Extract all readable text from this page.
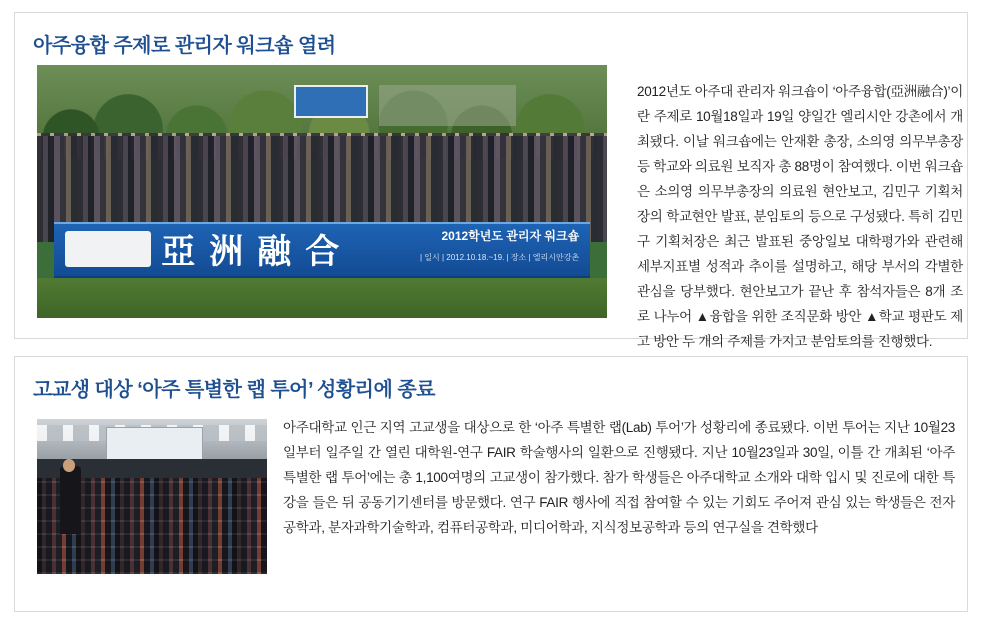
아주융합 주제로 관리자 워크숍 열려
亞洲融合	2012학년도 관리자 워크숍
| 일시 | 2012.10.18.~19. | 장소 | 엘리시안강촌
2012년도 아주대 관리자 워크숍이 ‘아주융합(亞洲融合)’이란 주제로 10월18일과 19일 양일간 엘리시안 강촌에서 개최됐다. 이날 워크숍에는 안재환 총장, 소의영 의무부총장 등 학교와 의료원 보직자 총 88명이 참여했다. 이번 워크숍은 소의영 의무부총장의 의료원 현안보고, 김민구 기획처장의 학교현안 발표, 분임토의 등으로 구성됐다. 특히 김민구 기획처장은 최근 발표된 중앙일보 대학평가와 관련해 세부지표별 성적과 추이를 설명하고, 해당 부서의 각별한 관심을 당부했다. 현안보고가 끝난 후 참석자들은 8개 조로 나누어 ▲융합을 위한 조직문화 방안 ▲학교 평판도 제고 방안 두 개의 주제를 가지고 분임토의를 진행했다.
고교생 대상 ‘아주 특별한 랩 투어’ 성황리에 종료
아주대학교 인근 지역 고교생을 대상으로 한 ‘아주 특별한 랩(Lab) 투어’가 성황리에 종료됐다. 이번 투어는 지난 10월23일부터 일주일 간 열린 대학원-연구 FAIR 학술행사의 일환으로 진행됐다. 지난 10월23일과 30일, 이틀 간 개최된 ‘아주 특별한 랩 투어’에는 총 1,100여명의 고교생이 참가했다. 참가 학생들은 아주대학교 소개와 대학 입시 및 진로에 대한 특강을 들은 뒤 공동기기센터를 방문했다. 연구 FAIR 행사에 직접 참여할 수 있는 기회도 주어져 관심 있는 학생들은 전자공학과, 분자과학기술학과, 컴퓨터공학과, 미디어학과, 지식정보공학과 등의 연구실을 견학했다
